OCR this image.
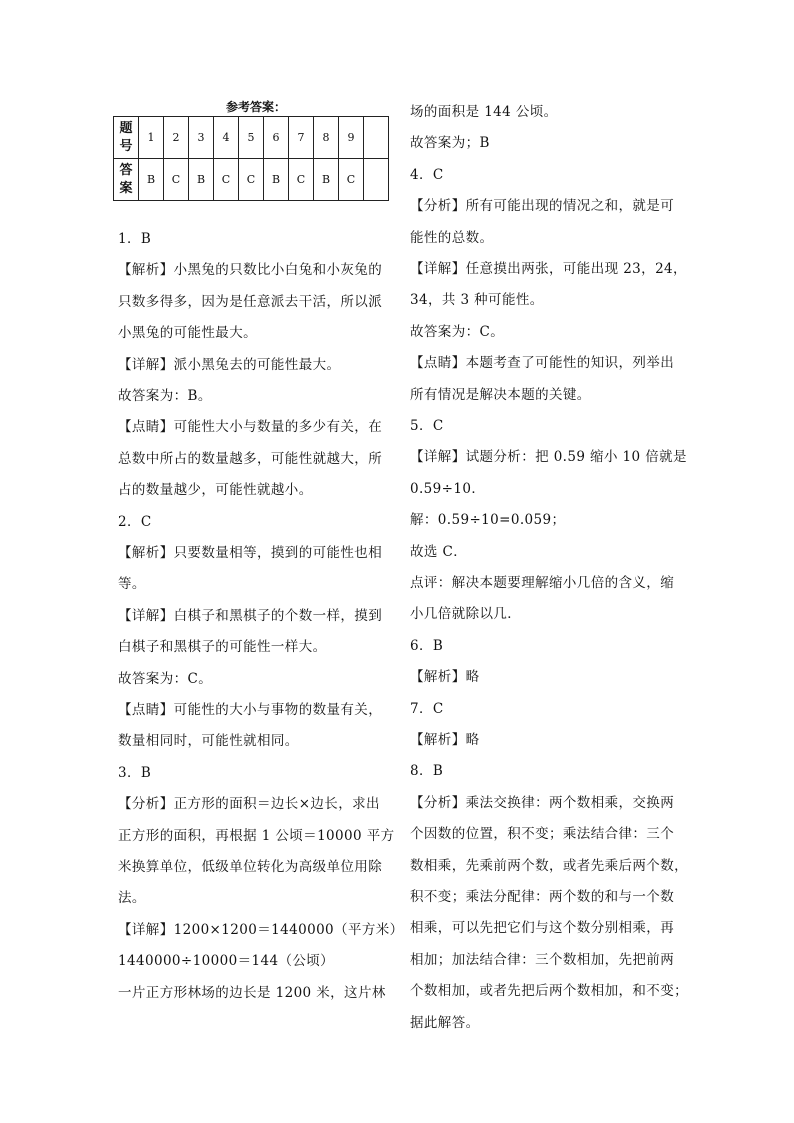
参考答案：
题
号	1	2	3	4	5	6	7	8	9	

答
案	B	C	B	C	C	B	C	B	C	
1．B
【解析】小黑兔的只数比小白兔和小灰兔的
只数多得多，因为是任意派去干活，所以派
小黑兔的可能性最大。
【详解】派小黑兔去的可能性最大。
故答案为：B。
【点睛】可能性大小与数量的多少有关，在
总数中所占的数量越多，可能性就越大，所
占的数量越少，可能性就越小。
2．C
【解析】只要数量相等，摸到的可能性也相
等。
【详解】白棋子和黑棋子的个数一样，摸到
白棋子和黑棋子的可能性一样大。
故答案为：C。
【点睛】可能性的大小与事物的数量有关，
数量相同时，可能性就相同。
3．B
【分析】正方形的面积＝边长×边长，求出
正方形的面积，再根据 1 公顷＝10000 平方
米换算单位，低级单位转化为高级单位用除
法。
【详解】1200×1200＝1440000（平方米）
1440000÷10000＝144（公顷）
一片正方形林场的边长是 1200 米，这片林
场的面积是 144 公顷。
故答案为；B
4．C
【分析】所有可能出现的情况之和，就是可
能性的总数。
【详解】任意摸出两张，可能出现 23，24，
34，共 3 种可能性。
故答案为：C。
【点睛】本题考查了可能性的知识，列举出
所有情况是解决本题的关键。
5．C
【详解】试题分析：把 0.59 缩小 10 倍就是
0.59÷10．
解：0.59÷10=0.059；
故选 C．
点评：解决本题要理解缩小几倍的含义，缩
小几倍就除以几．
6．B
【解析】略
7．C
【解析】略
8．B
【分析】乘法交换律：两个数相乘，交换两
个因数的位置，积不变；乘法结合律：三个
数相乘，先乘前两个数，或者先乘后两个数，
积不变；乘法分配律：两个数的和与一个数
相乘，可以先把它们与这个数分别相乘，再
相加；加法结合律：三个数相加，先把前两
个数相加，或者先把后两个数相加，和不变；
据此解答。
